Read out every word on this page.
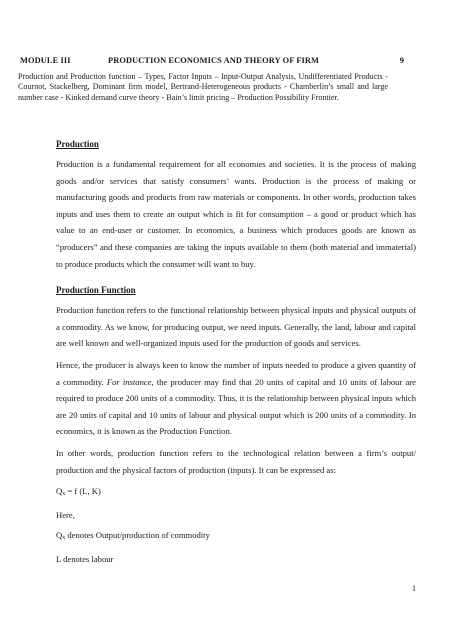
MODULE III	PRODUCTION ECONOMICS AND THEORY OF FIRM	9
Production and Production function – Types, Factor Inputs – Input-Output Analysis, Undifferentiated Products - Cournot, Stackelberg, Dominant firm model, Bertrand-Heterogeneous products - Chamberlin’s small and large number case - Kinked demand curve theory - Bain’s limit pricing – Production Possibility Frontier.
Production

Production is a fundamental requirement for all economies and societies. It is the process of making goods and/or services that satisfy consumers’ wants. Production is the process of making or manufacturing goods and products from raw materials or components. In other words, production takes inputs and uses them to create an output which is fit for consumption – a good or product which has value to an end-user or customer. In economics, a business which produces goods are known as “producers” and these companies are taking the inputs available to them (both material and immaterial) to produce products which the consumer will want to buy.

Production Function

Production function refers to the functional relationship between physical inputs and physical outputs of a commodity. As we know, for producing output, we need inputs. Generally, the land, labour and capital are well known and well-organized inputs used for the production of goods and services.

Hence, the producer is always keen to know the number of inputs needed to produce a given quantity of a commodity. For instance, the producer may find that 20 units of capital and 10 units of labour are required to produce 200 units of a commodity. Thus, it is the relationship between physical inputs which are 20 units of capital and 10 units of labour and physical output which is 200 units of a commodity. In economics, it is known as the Production Function.

In other words, production function refers to the technological relation between a firm’s output/ production and the physical factors of production (inputs). It can be expressed as:

Qx = f (L, K)

Here,

Qx denotes Output/production of commodity

L denotes labour

1
